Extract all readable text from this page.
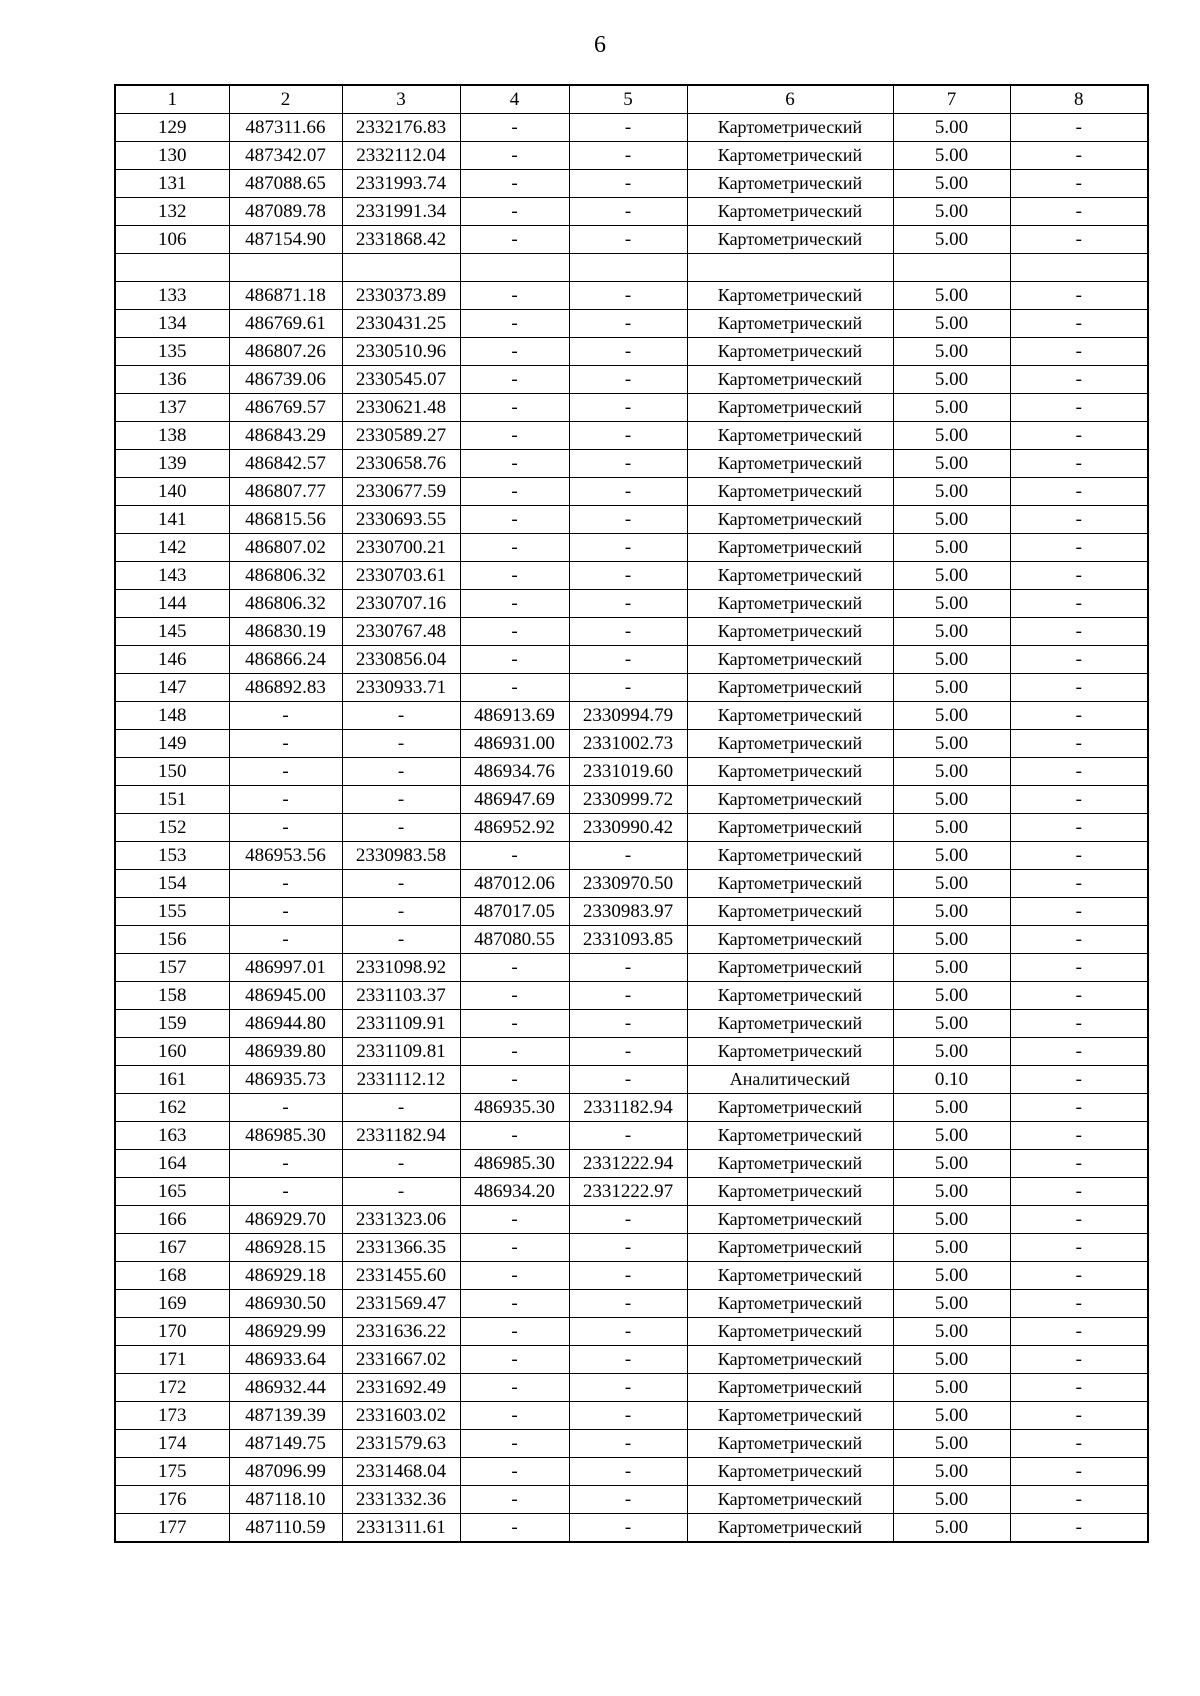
6
1	2	3	4	5	6	7	8
129	487311.66	2332176.83	-	-	Картометрический	5.00	-
130	487342.07	2332112.04	-	-	Картометрический	5.00	-
131	487088.65	2331993.74	-	-	Картометрический	5.00	-
132	487089.78	2331991.34	-	-	Картометрический	5.00	-
106	487154.90	2331868.42	-	-	Картометрический	5.00	-

133	486871.18	2330373.89	-	-	Картометрический	5.00	-
134	486769.61	2330431.25	-	-	Картометрический	5.00	-
135	486807.26	2330510.96	-	-	Картометрический	5.00	-
136	486739.06	2330545.07	-	-	Картометрический	5.00	-
137	486769.57	2330621.48	-	-	Картометрический	5.00	-
138	486843.29	2330589.27	-	-	Картометрический	5.00	-
139	486842.57	2330658.76	-	-	Картометрический	5.00	-
140	486807.77	2330677.59	-	-	Картометрический	5.00	-
141	486815.56	2330693.55	-	-	Картометрический	5.00	-
142	486807.02	2330700.21	-	-	Картометрический	5.00	-
143	486806.32	2330703.61	-	-	Картометрический	5.00	-
144	486806.32	2330707.16	-	-	Картометрический	5.00	-
145	486830.19	2330767.48	-	-	Картометрический	5.00	-
146	486866.24	2330856.04	-	-	Картометрический	5.00	-
147	486892.83	2330933.71	-	-	Картометрический	5.00	-
148	-	-	486913.69	2330994.79	Картометрический	5.00	-
149	-	-	486931.00	2331002.73	Картометрический	5.00	-
150	-	-	486934.76	2331019.60	Картометрический	5.00	-
151	-	-	486947.69	2330999.72	Картометрический	5.00	-
152	-	-	486952.92	2330990.42	Картометрический	5.00	-
153	486953.56	2330983.58	-	-	Картометрический	5.00	-
154	-	-	487012.06	2330970.50	Картометрический	5.00	-
155	-	-	487017.05	2330983.97	Картометрический	5.00	-
156	-	-	487080.55	2331093.85	Картометрический	5.00	-
157	486997.01	2331098.92	-	-	Картометрический	5.00	-
158	486945.00	2331103.37	-	-	Картометрический	5.00	-
159	486944.80	2331109.91	-	-	Картометрический	5.00	-
160	486939.80	2331109.81	-	-	Картометрический	5.00	-
161	486935.73	2331112.12	-	-	Аналитический	0.10	-
162	-	-	486935.30	2331182.94	Картометрический	5.00	-
163	486985.30	2331182.94	-	-	Картометрический	5.00	-
164	-	-	486985.30	2331222.94	Картометрический	5.00	-
165	-	-	486934.20	2331222.97	Картометрический	5.00	-
166	486929.70	2331323.06	-	-	Картометрический	5.00	-
167	486928.15	2331366.35	-	-	Картометрический	5.00	-
168	486929.18	2331455.60	-	-	Картометрический	5.00	-
169	486930.50	2331569.47	-	-	Картометрический	5.00	-
170	486929.99	2331636.22	-	-	Картометрический	5.00	-
171	486933.64	2331667.02	-	-	Картометрический	5.00	-
172	486932.44	2331692.49	-	-	Картометрический	5.00	-
173	487139.39	2331603.02	-	-	Картометрический	5.00	-
174	487149.75	2331579.63	-	-	Картометрический	5.00	-
175	487096.99	2331468.04	-	-	Картометрический	5.00	-
176	487118.10	2331332.36	-	-	Картометрический	5.00	-
177	487110.59	2331311.61	-	-	Картометрический	5.00	-
